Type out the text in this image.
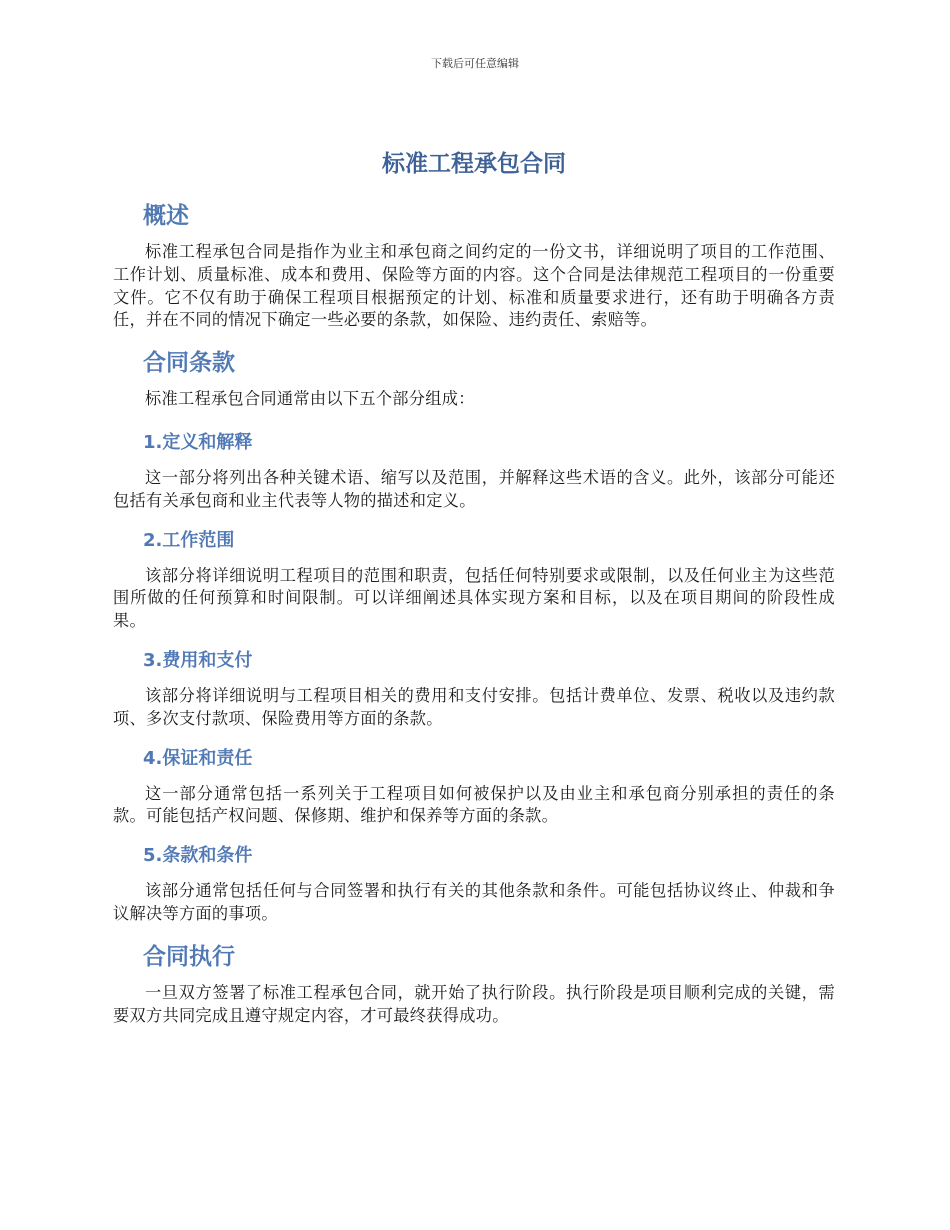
下载后可任意编辑
标准工程承包合同
概述

标准工程承包合同是指作为业主和承包商之间约定的一份文书，详细说明了项目的工作范围、工作计划、质量标准、成本和费用、保险等方面的内容。这个合同是法律规范工程项目的一份重要文件。它不仅有助于确保工程项目根据预定的计划、标准和质量要求进行，还有助于明确各方责任，并在不同的情况下确定一些必要的条款，如保险、违约责任、索赔等。

合同条款

标准工程承包合同通常由以下五个部分组成：

1.定义和解释

这一部分将列出各种关键术语、缩写以及范围，并解释这些术语的含义。此外，该部分可能还包括有关承包商和业主代表等人物的描述和定义。

2.工作范围

该部分将详细说明工程项目的范围和职责，包括任何特别要求或限制，以及任何业主为这些范围所做的任何预算和时间限制。可以详细阐述具体实现方案和目标，以及在项目期间的阶段性成果。

3.费用和支付

该部分将详细说明与工程项目相关的费用和支付安排。包括计费单位、发票、税收以及违约款项、多次支付款项、保险费用等方面的条款。

4.保证和责任

这一部分通常包括一系列关于工程项目如何被保护以及由业主和承包商分别承担的责任的条款。可能包括产权问题、保修期、维护和保养等方面的条款。

5.条款和条件

该部分通常包括任何与合同签署和执行有关的其他条款和条件。可能包括协议终止、仲裁和争议解决等方面的事项。

合同执行

一旦双方签署了标准工程承包合同，就开始了执行阶段。执行阶段是项目顺利完成的关键，需要双方共同完成且遵守规定内容，才可最终获得成功。
